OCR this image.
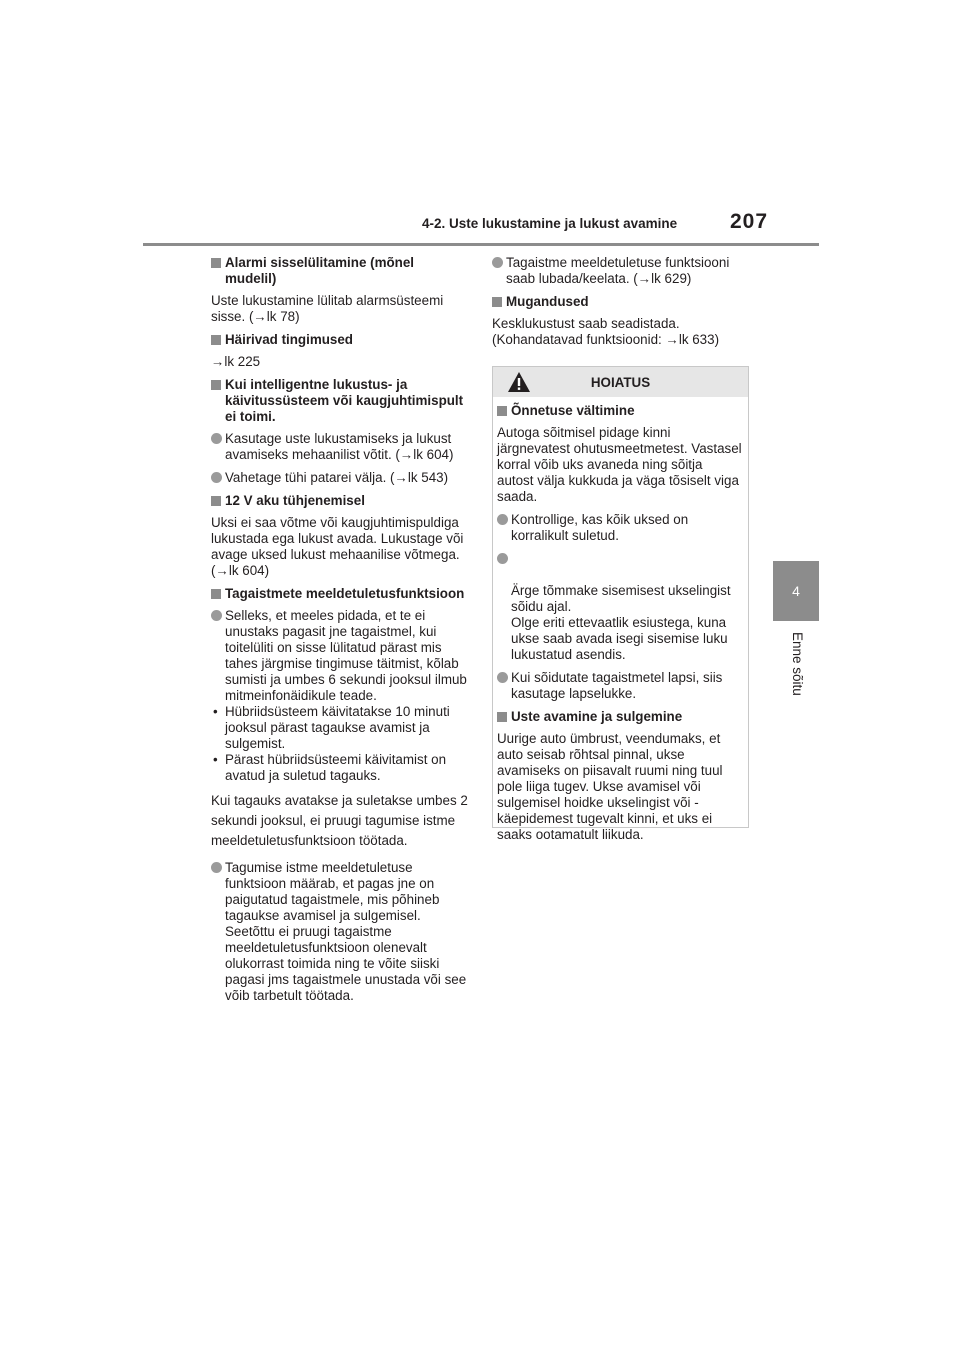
4-2. Uste lukustamine ja lukust avamine	207
4
Enne sõitu
Alarmi sisselülitamine (mõnel mudelil)
Uste lukustamine lülitab alarmsüsteemi sisse. (→lk 78)
Häirivad tingimused
→lk 225
Kui intelligentne lukustus- ja käivitussüsteem või kaugjuhtimispult ei toimi.
Kasutage uste lukustamiseks ja lukust avamiseks mehaanilist võtit. (→lk 604)
Vahetage tühi patarei välja. (→lk 543)
12 V aku tühjenemisel
Uksi ei saa võtme või kaugjuhtimispuldiga lukustada ega lukust avada. Lukustage või avage uksed lukust mehaanilise võtmega. (→lk 604)
Tagaistmete meeldetuletusfunktsioon
Selleks, et meeles pidada, et te ei unustaks pagasit jne tagaistmel, kui toitelüliti on sisse lülitatud pärast mis tahes järgmise tingimuse täitmist, kõlab sumisti ja umbes 6 sekundi jooksul ilmub mitmeinfonäidikule teade.
• Hübriidsüsteem käivitatakse 10 minuti jooksul pärast tagaukse avamist ja sulgemist.
• Pärast hübriidsüsteemi käivitamist on avatud ja suletud tagauks.
Kui tagauks avatakse ja suletakse umbes 2 sekundi jooksul, ei pruugi tagumise istme meeldetuletusfunktsioon töötada.
Tagumise istme meeldetuletuse funktsioon määrab, et pagas jne on paigutatud tagaistmele, mis põhineb tagaukse avamisel ja sulgemisel. Seetõttu ei pruugi tagaistme meeldetuletusfunktsioon olenevalt olukorrast toimida ning te võite siiski pagasi jms tagaistmele unustada või see võib tarbetult töötada.
Tagaistme meeldetuletuse funktsiooni saab lubada/keelata. (→lk 629)
Mugandused
Kesklukustust saab seadistada.
(Kohandatavad funktsioonid: →lk 633)
HOIATUS
Õnnetuse vältimine
Autoga sõitmisel pidage kinni järgnevatest ohutusmeetmetest. Vastasel korral võib uks avaneda ning sõitja autost välja kukkuda ja väga tõsiselt viga saada.
Kontrollige, kas kõik uksed on korralikult suletud.

Ärge tõmmake sisemisest ukselingist sõidu ajal.
Olge eriti ettevaatlik esiustega, kuna ukse saab avada isegi sisemise luku lukustatud asendis.

Kui sõidutate tagaistmetel lapsi, siis kasutage lapselukke.
Uste avamine ja sulgemine
Uurige auto ümbrust, veendumaks, et auto seisab rõhtsal pinnal, ukse avamiseks on piisavalt ruumi ning tuul pole liiga tugev. Ukse avamisel või sulgemisel hoidke ukselingist või -käepidemest tugevalt kinni, et uks ei saaks ootamatult liikuda.
